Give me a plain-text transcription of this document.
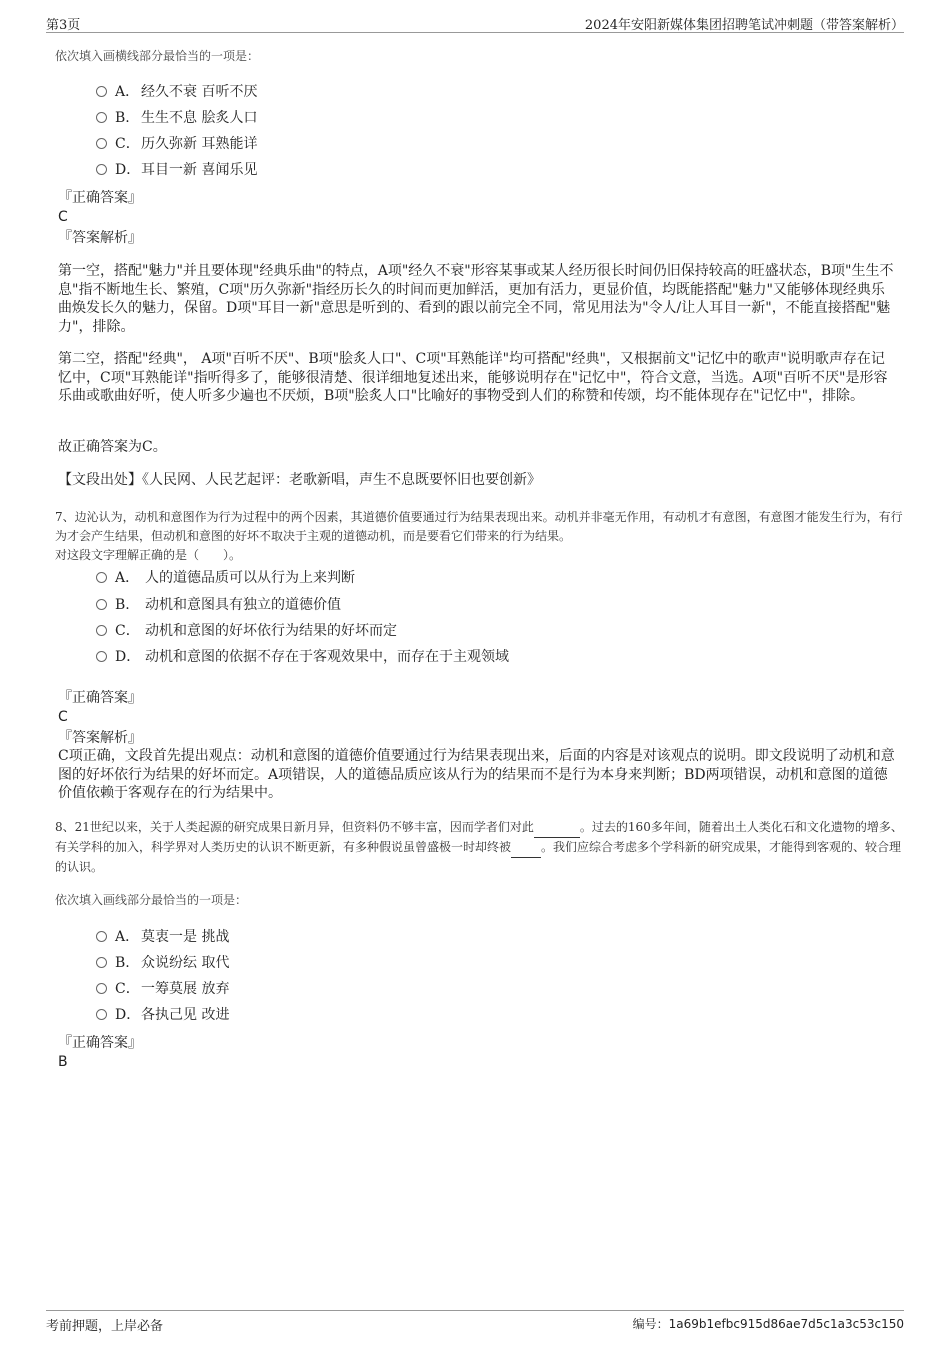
第3页	2024年安阳新媒体集团招聘笔试冲刺题（带答案解析）
依次填入画横线部分最恰当的一项是：
A． 经久不衰 百听不厌
B. 生生不息 脍炙人口
C．历久弥新 耳熟能详
D．耳目一新 喜闻乐见
『正确答案』
C
『答案解析』
第一空，搭配"魅力"并且要体现"经典乐曲"的特点，A项"经久不衰"形容某事或某人经历很长时间仍旧保持较高的旺盛状态，B项"生生不息"指不断地生长、繁殖，C项"历久弥新"指经历长久的时间而更加鲜活，更加有活力，更显价值，均既能搭配"魅力"又能够体现经典乐曲焕发长久的魅力，保留。D项"耳目一新"意思是听到的、看到的跟以前完全不同，常见用法为"令人/让人耳目一新"，不能直接搭配"魅力"，排除。
第二空，搭配"经典"， A项"百听不厌"、B项"脍炙人口"、C项"耳熟能详"均可搭配"经典"，又根据前文"记忆中的歌声"说明歌声存在记忆中，C项"耳熟能详"指听得多了，能够很清楚、很详细地复述出来，能够说明存在"记忆中"，符合文意，当选。A项"百听不厌"是形容乐曲或歌曲好听，使人听多少遍也不厌烦，B项"脍炙人口"比喻好的事物受到人们的称赞和传颂，均不能体现存在"记忆中"，排除。
故正确答案为C。
【文段出处】《人民网、人民艺起评：老歌新唱，声生不息既要怀旧也要创新》
7、边沁认为，动机和意图作为行为过程中的两个因素，其道德价值要通过行为结果表现出来。动机并非毫无作用，有动机才有意图，有意图才能发生行为，有行为才会产生结果，但动机和意图的好坏不取决于主观的道德动机，而是要看它们带来的行为结果。
对这段文字理解正确的是（　　）。
A． 人的道德品质可以从行为上来判断
B. 动机和意图具有独立的道德价值
C． 动机和意图的好坏依行为结果的好坏而定
D． 动机和意图的依据不存在于客观效果中，而存在于主观领域
『正确答案』
C
『答案解析』
C项正确，文段首先提出观点：动机和意图的道德价值要通过行为结果表现出来，后面的内容是对该观点的说明。即文段说明了动机和意图的好坏依行为结果的好坏而定。A项错误，人的道德品质应该从行为的结果而不是行为本身来判断；BD两项错误，动机和意图的道德价值依赖于客观存在的行为结果中。
8、21世纪以来，关于人类起源的研究成果日新月异，但资料仍不够丰富，因而学者们对此	。过去的160多年间，随着出土人类化石和文化遗物的增多、有关学科的加入，科学界对人类历史的认识不断更新，有多种假说虽曾盛极一时却终被	。我们应综合考虑多个学科新的研究成果，才能得到客观的、较合理的认识。
依次填入画线部分最恰当的一项是：
A． 莫衷一是 挑战
B. 众说纷纭 取代
C．一筹莫展 放弃
D．各执己见 改进
『正确答案』
B
考前押题，上岸必备	编号：1a69b1efbc915d86ae7d5c1a3c53c150
